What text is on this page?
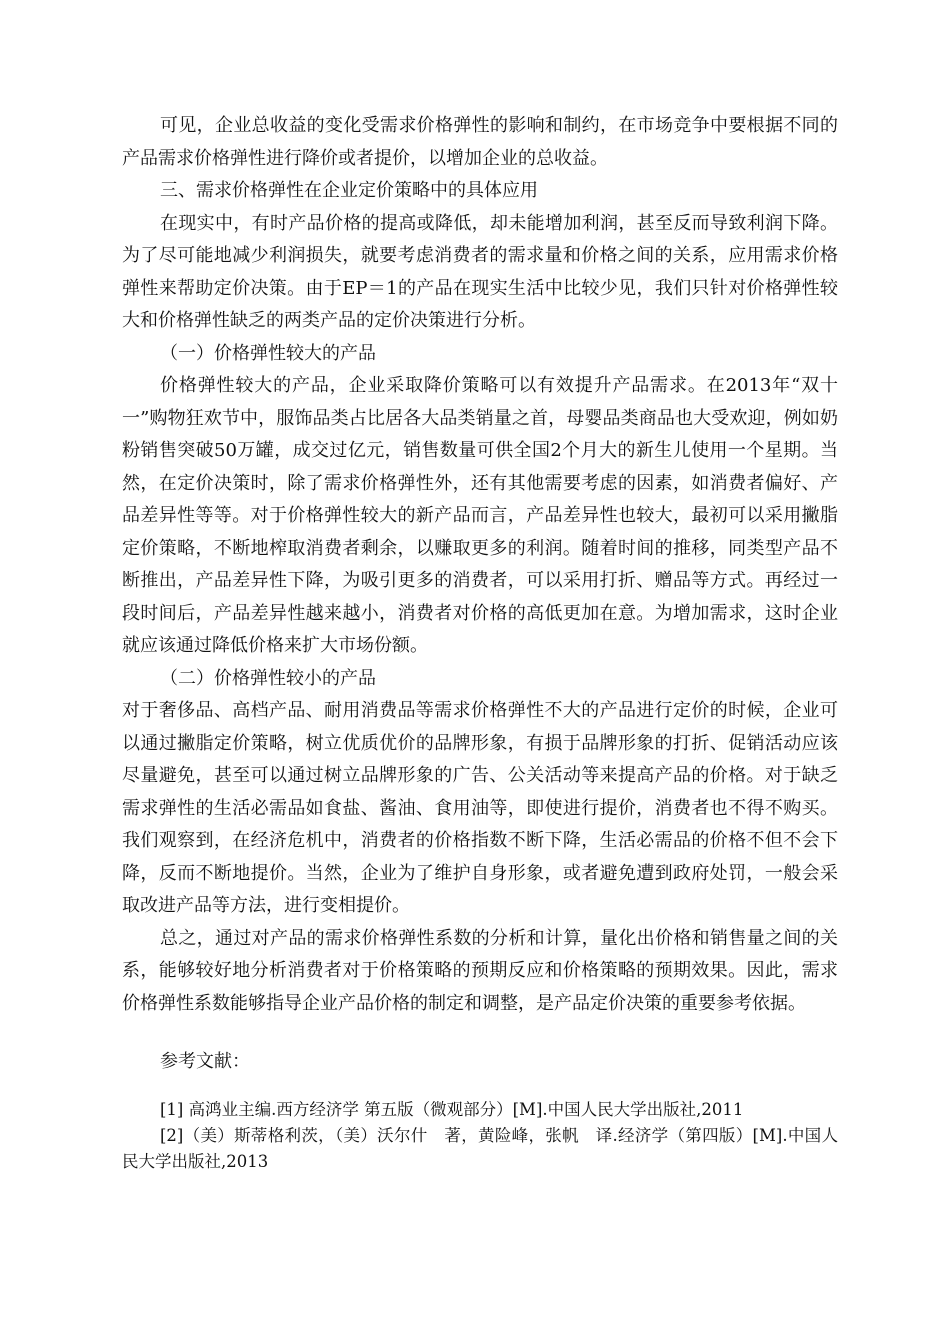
可见，企业总收益的变化受需求价格弹性的影响和制约，在市场竞争中要根据不同的产品需求价格弹性进行降价或者提价，以增加企业的总收益。

三、需求价格弹性在企业定价策略中的具体应用

在现实中，有时产品价格的提高或降低，却未能增加利润，甚至反而导致利润下降。为了尽可能地减少利润损失，就要考虑消费者的需求量和价格之间的关系，应用需求价格弹性来帮助定价决策。由于EP＝1的产品在现实生活中比较少见，我们只针对价格弹性较大和价格弹性缺乏的两类产品的定价决策进行分析。

（一）价格弹性较大的产品

价格弹性较大的产品，企业采取降价策略可以有效提升产品需求。在2013年“双十一”购物狂欢节中，服饰品类占比居各大品类销量之首，母婴品类商品也大受欢迎，例如奶粉销售突破50万罐，成交过亿元，销售数量可供全国2个月大的新生儿使用一个星期。当然，在定价决策时，除了需求价格弹性外，还有其他需要考虑的因素，如消费者偏好、产品差异性等等。对于价格弹性较大的新产品而言，产品差异性也较大，最初可以采用撇脂定价策略，不断地榨取消费者剩余，以赚取更多的利润。随着时间的推移，同类型产品不断推出，产品差异性下降，为吸引更多的消费者，可以采用打折、赠品等方式。再经过一段时间后，产品差异性越来越小，消费者对价格的高低更加在意。为增加需求，这时企业就应该通过降低价格来扩大市场份额。

（二）价格弹性较小的产品

对于奢侈品、高档产品、耐用消费品等需求价格弹性不大的产品进行定价的时候，企业可以通过撇脂定价策略，树立优质优价的品牌形象，有损于品牌形象的打折、促销活动应该尽量避免，甚至可以通过树立品牌形象的广告、公关活动等来提高产品的价格。对于缺乏需求弹性的生活必需品如食盐、酱油、食用油等，即使进行提价，消费者也不得不购买。我们观察到，在经济危机中，消费者的价格指数不断下降，生活必需品的价格不但不会下降，反而不断地提价。当然，企业为了维护自身形象，或者避免遭到政府处罚，一般会采取改进产品等方法，进行变相提价。

总之，通过对产品的需求价格弹性系数的分析和计算，量化出价格和销售量之间的关系，能够较好地分析消费者对于价格策略的预期反应和价格策略的预期效果。因此，需求价格弹性系数能够指导企业产品价格的制定和调整，是产品定价决策的重要参考依据。

参考文献：

[1] 高鸿业主编.西方经济学 第五版（微观部分）[M].中国人民大学出版社,2011

[2]（美）斯蒂格利茨，（美）沃尔什　著，黄险峰，张帆　译.经济学（第四版）[M].中国人民大学出版社,2013
